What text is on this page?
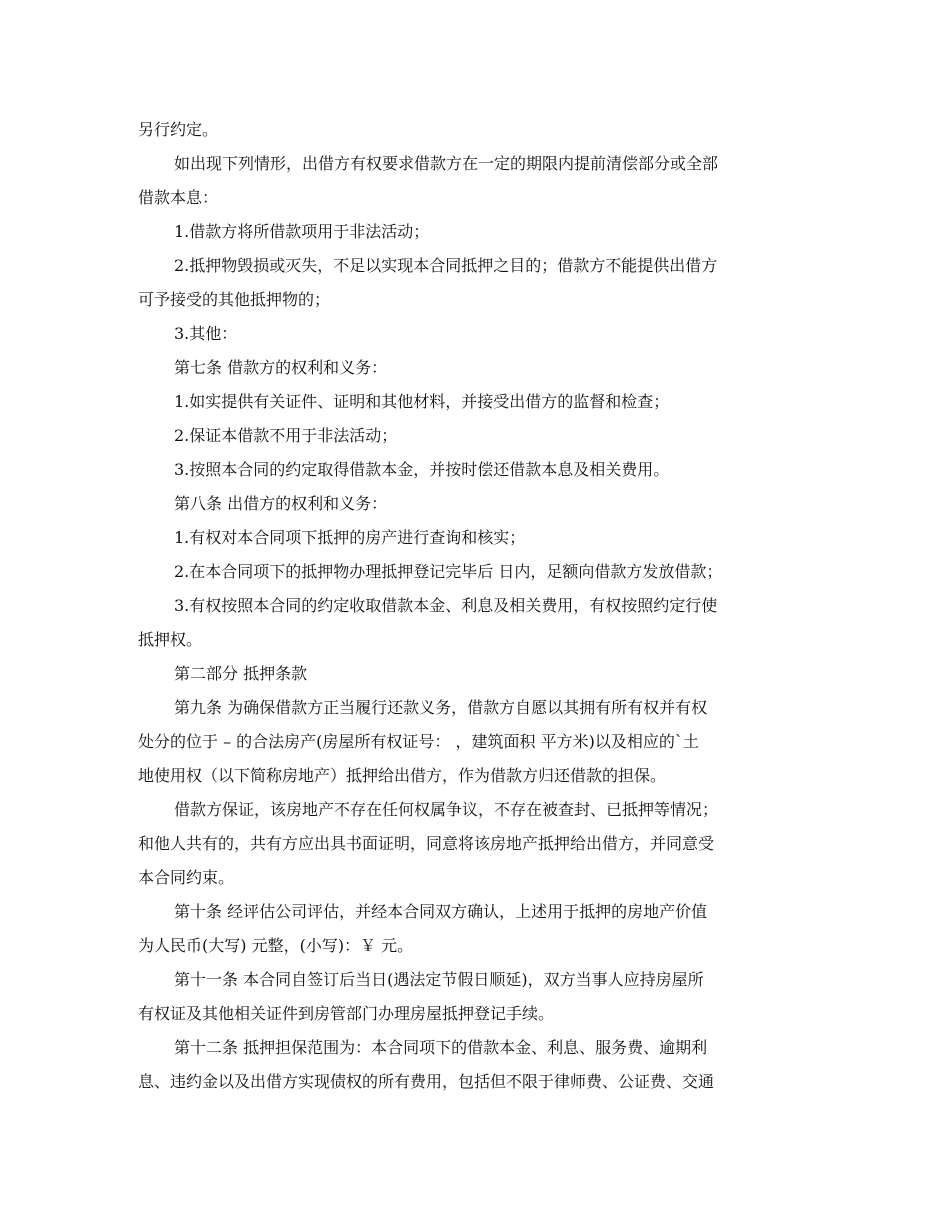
另行约定。

如出现下列情形，出借方有权要求借款方在一定的期限内提前清偿部分或全部

借款本息：

1.借款方将所借款项用于非法活动；

2.抵押物毁损或灭失，不足以实现本合同抵押之目的；借款方不能提供出借方

可予接受的其他抵押物的；

3.其他：

第七条 借款方的权利和义务：

1.如实提供有关证件、证明和其他材料，并接受出借方的监督和检查；

2.保证本借款不用于非法活动；

3.按照本合同的约定取得借款本金，并按时偿还借款本息及相关费用。

第八条 出借方的权利和义务：

1.有权对本合同项下抵押的房产进行查询和核实；

2.在本合同项下的抵押物办理抵押登记完毕后 日内，足额向借款方发放借款；

3.有权按照本合同的约定收取借款本金、利息及相关费用，有权按照约定行使

抵押权。

第二部分 抵押条款

第九条 为确保借款方正当履行还款义务，借款方自愿以其拥有所有权并有权

处分的位于 – 的合法房产(房屋所有权证号： ，建筑面积 平方米)以及相应的`土

地使用权（以下简称房地产）抵押给出借方，作为借款方归还借款的担保。

借款方保证，该房地产不存在任何权属争议，不存在被查封、已抵押等情况；

和他人共有的，共有方应出具书面证明，同意将该房地产抵押给出借方，并同意受

本合同约束。

第十条 经评估公司评估，并经本合同双方确认，上述用于抵押的房地产价值

为人民币(大写) 元整，(小写)：￥ 元。

第十一条 本合同自签订后当日(遇法定节假日顺延)，双方当事人应持房屋所

有权证及其他相关证件到房管部门办理房屋抵押登记手续。

第十二条 抵押担保范围为：本合同项下的借款本金、利息、服务费、逾期利

息、违约金以及出借方实现债权的所有费用，包括但不限于律师费、公证费、交通
